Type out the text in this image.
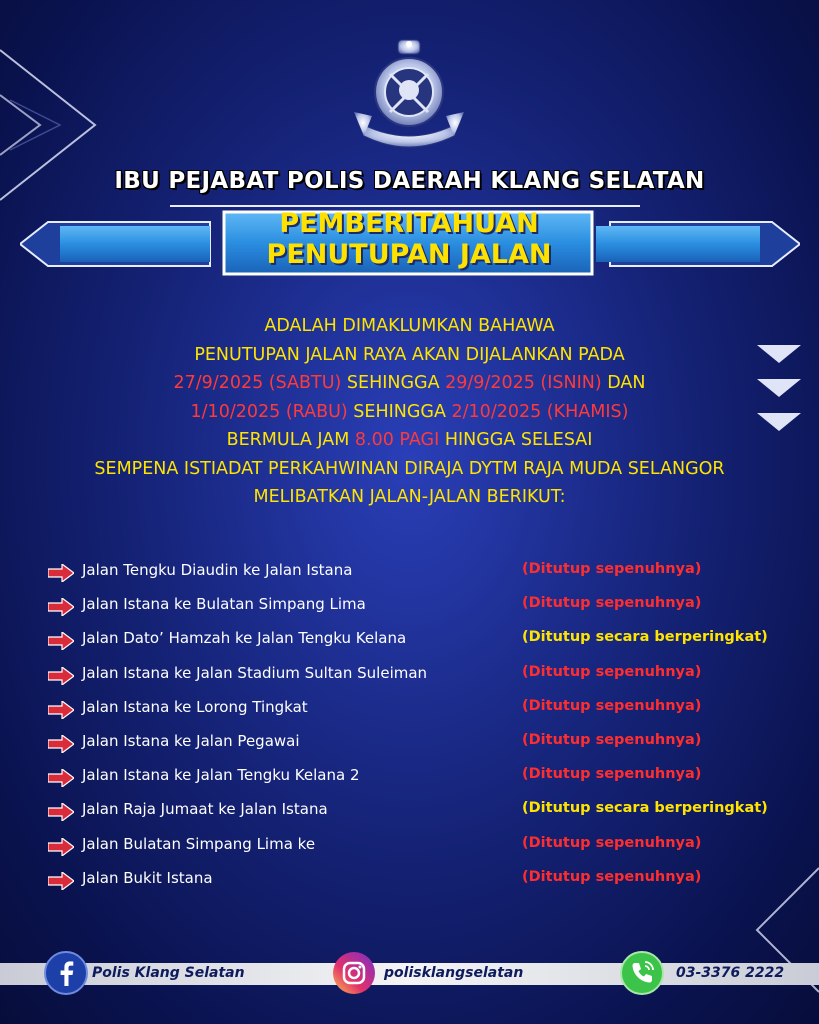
IBU PEJABAT POLIS DAERAH KLANG SELATAN
PEMBERITAHUAN
PENUTUPAN JALAN
ADALAH DIMAKLUMKAN BAHAWA
PENUTUPAN JALAN RAYA AKAN DIJALANKAN PADA
27/9/2025 (SABTU) SEHINGGA 29/9/2025 (ISNIN) DAN
1/10/2025 (RABU) SEHINGGA 2/10/2025 (KHAMIS)
BERMULA JAM 8.00 PAGI HINGGA SELESAI
SEMPENA ISTIADAT PERKAHWINAN DIRAJA DYTM RAJA MUDA SELANGOR
MELIBATKAN JALAN-JALAN BERIKUT:
Jalan Tengku Diaudin ke Jalan Istana	(Ditutup sepenuhnya)
Jalan Istana ke Bulatan Simpang Lima	(Ditutup sepenuhnya)
Jalan Dato’ Hamzah ke Jalan Tengku Kelana	(Ditutup secara berperingkat)
Jalan Istana ke Jalan Stadium Sultan Suleiman	(Ditutup sepenuhnya)
Jalan Istana ke Lorong Tingkat	(Ditutup sepenuhnya)
Jalan Istana ke Jalan Pegawai	(Ditutup sepenuhnya)
Jalan Istana ke Jalan Tengku Kelana 2	(Ditutup sepenuhnya)
Jalan Raja Jumaat ke Jalan Istana	(Ditutup secara berperingkat)
Jalan Bulatan Simpang Lima ke	(Ditutup sepenuhnya)
Jalan Bukit Istana	(Ditutup sepenuhnya)
Polis Klang Selatan	polisklangselatan	03-3376 2222
